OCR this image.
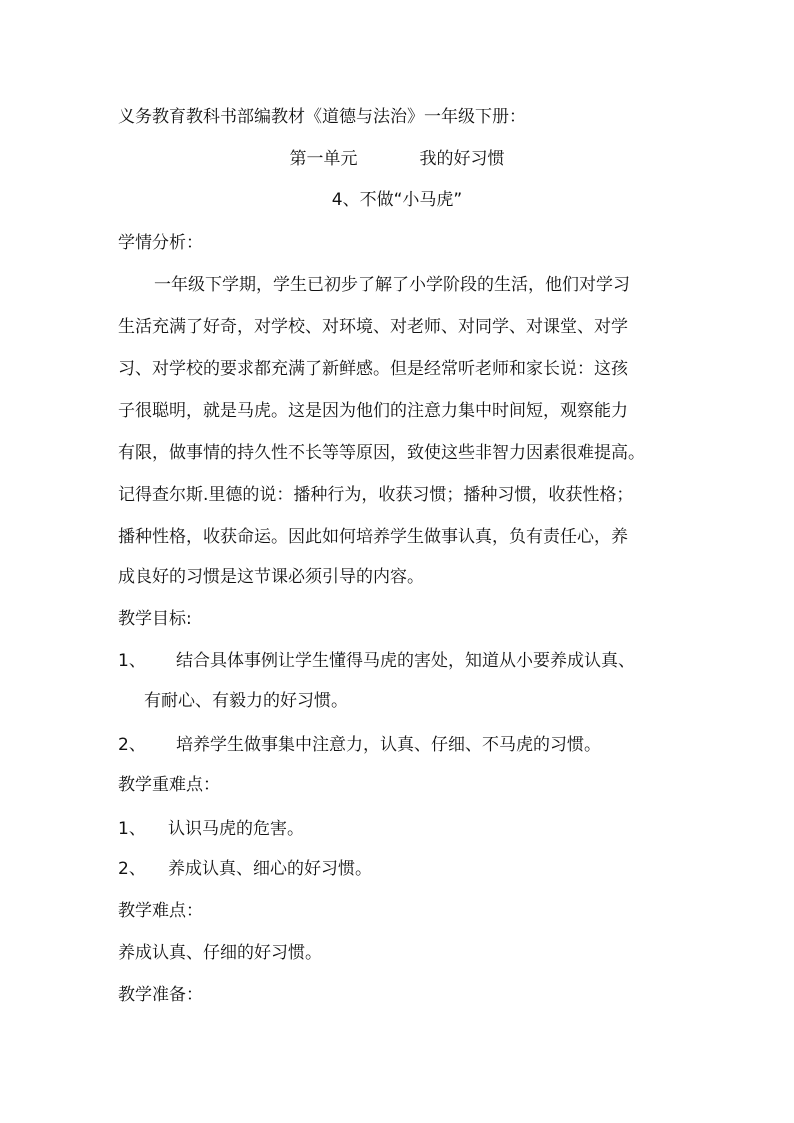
义务教育教科书部编教材《道德与法治》一年级下册：

第一单元	我的好习惯

4、不做“小马虎”

学情分析：

一年级下学期，学生已初步了解了小学阶段的生活，他们对学习

生活充满了好奇，对学校、对环境、对老师、对同学、对课堂、对学

习、对学校的要求都充满了新鲜感。但是经常听老师和家长说：这孩

子很聪明，就是马虎。这是因为他们的注意力集中时间短，观察能力

有限，做事情的持久性不长等等原因，致使这些非智力因素很难提高。

记得查尔斯.里德的说：播种行为，收获习惯；播种习惯，收获性格；

播种性格，收获命运。因此如何培养学生做事认真，负有责任心，养

成良好的习惯是这节课必须引导的内容。

教学目标:

1、 结合具体事例让学生懂得马虎的害处，知道从小要养成认真、

有耐心、有毅力的好习惯。

2、 培养学生做事集中注意力，认真、仔细、不马虎的习惯。

教学重难点：

1、 认识马虎的危害。

2、 养成认真、细心的好习惯。

教学难点：

养成认真、仔细的好习惯。

教学准备：
